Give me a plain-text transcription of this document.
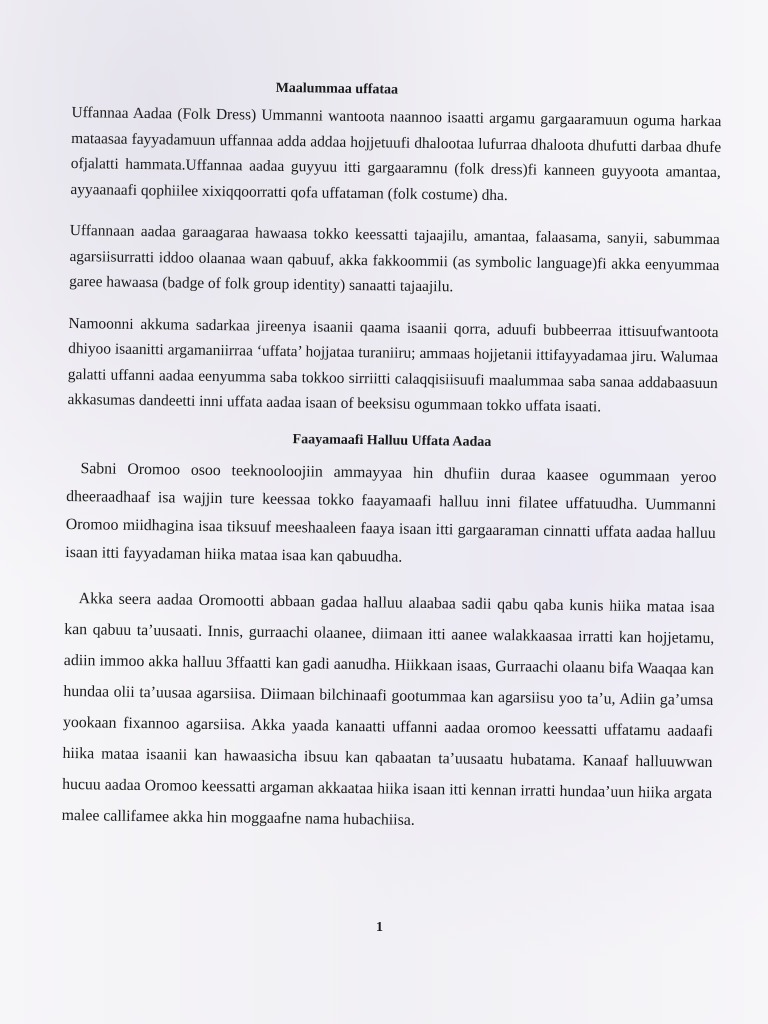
Maalummaa uffataa

Uffannaa Aadaa (Folk Dress) Ummanni wantoota naannoo isaatti argamu gargaaramuun oguma harkaa mataasaa fayyadamuun uffannaa adda addaa hojjetuufi dhalootaa lufurraa dhaloota dhufutti darbaa dhufe ofjalatti hammata.Uffannaa aadaa guyyuu itti gargaaramnu (folk dress)fi kanneen guyyoota amantaa, ayyaanaafi qophiilee xixiqqoorratti qofa uffataman (folk costume) dha.

Uffannaan aadaa garaagaraa hawaasa tokko keessatti tajaajilu, amantaa, falaasama, sanyii, sabummaa agarsiisurratti iddoo olaanaa waan qabuuf, akka fakkoommii (as symbolic language)fi akka eenyummaa garee hawaasa (badge of folk group identity) sanaatti tajaajilu.

Namoonni akkuma sadarkaa jireenya isaanii qaama isaanii qorra, aduufi bubbeerraa ittisuufwantoota dhiyoo isaanitti argamaniirraa ‘uffata’ hojjataa turaniiru; ammaas hojjetanii ittifayyadamaa jiru. Walumaa galatti uffanni aadaa eenyumma saba tokkoo sirriitti calaqqisiisuufi maalummaa saba sanaa addabaasuun akkasumas dandeetti inni uffata aadaa isaan of beeksisu ogummaan tokko uffata isaati.

Faayamaafi Halluu Uffata Aadaa

Sabni Oromoo osoo teeknooloojiin ammayyaa hin dhufiin duraa kaasee ogummaan yeroo dheeraadhaaf isa wajjin ture keessaa tokko faayamaafi halluu inni filatee uffatuudha. Uummanni Oromoo miidhagina isaa tiksuuf meeshaaleen faaya isaan itti gargaaraman cinnatti uffata aadaa halluu isaan itti fayyadaman hiika mataa isaa kan qabuudha.

Akka seera aadaa Oromootti abbaan gadaa halluu alaabaa sadii qabu qaba kunis hiika mataa isaa kan qabuu ta’uusaati. Innis, gurraachi olaanee, diimaan itti aanee walakkaasaa irratti kan hojjetamu, adiin immoo akka halluu 3ffaatti kan gadi aanudha. Hiikkaan isaas, Gurraachi olaanu bifa Waaqaa kan hundaa olii ta’uusaa agarsiisa. Diimaan bilchinaafi gootummaa kan agarsiisu yoo ta’u, Adiin ga’umsa yookaan fixannoo agarsiisa. Akka yaada kanaatti uffanni aadaa oromoo keessatti uffatamu aadaafi hiika mataa isaanii kan hawaasicha ibsuu kan qabaatan ta’uusaatu hubatama. Kanaaf halluuwwan hucuu aadaa Oromoo keessatti argaman akkaataa hiika isaan itti kennan irratti hundaa’uun hiika argata malee callifamee akka hin moggaafne nama hubachiisa.

1
